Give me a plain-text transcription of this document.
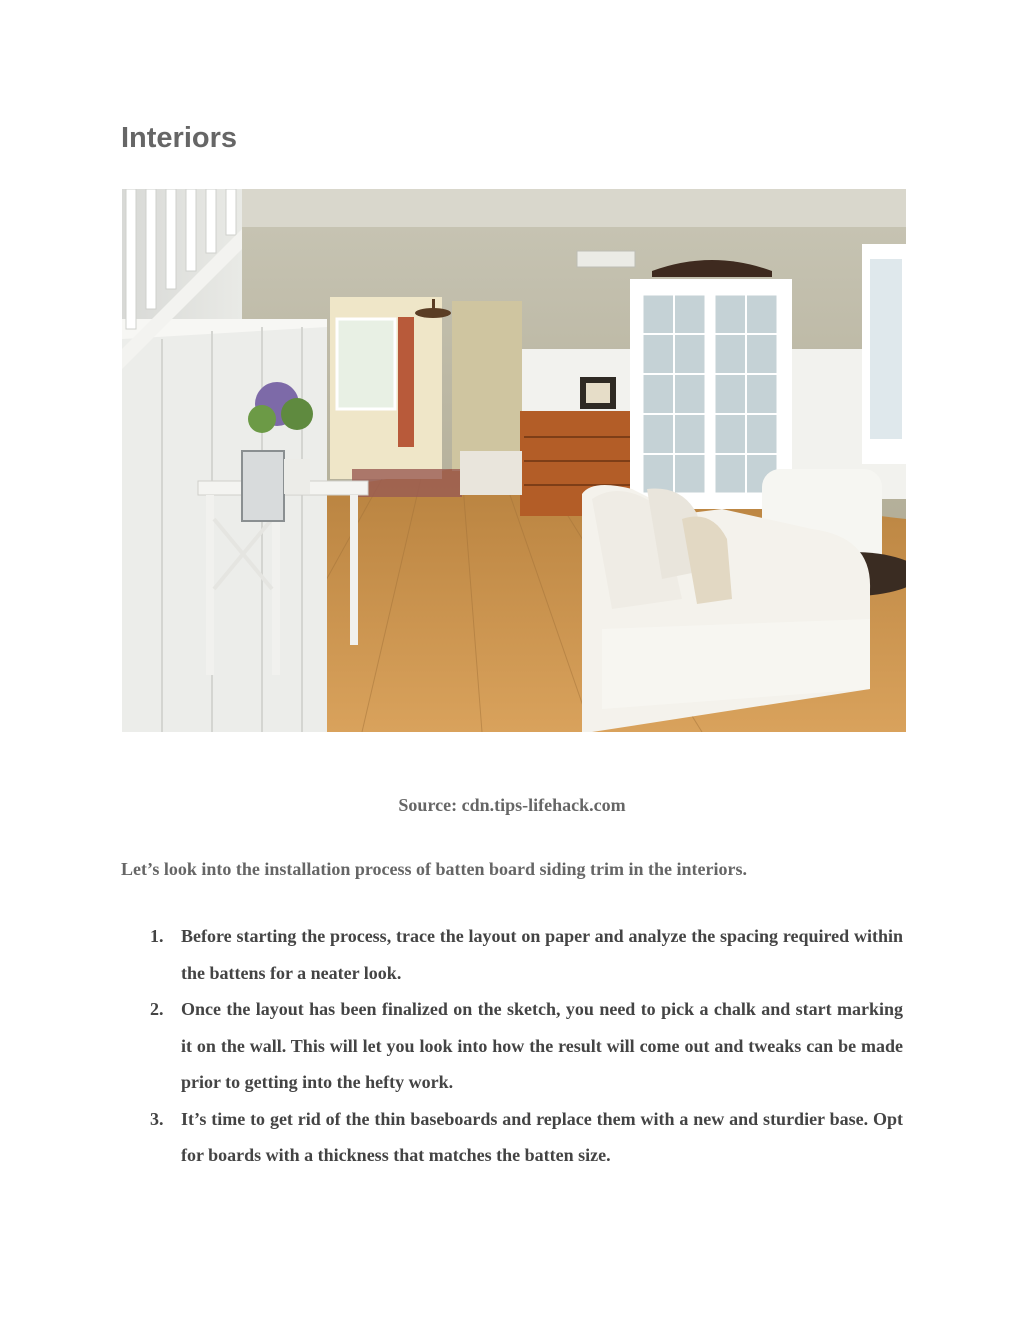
Interiors
Source: cdn.tips-lifehack.com

Let’s look into the installation process of batten board siding trim in the interiors.

1. Before starting the process, trace the layout on paper and analyze the spacing required within the battens for a neater look.
2. Once the layout has been finalized on the sketch, you need to pick a chalk and start marking it on the wall. This will let you look into how the result will come out and tweaks can be made prior to getting into the hefty work.
3. It’s time to get rid of the thin baseboards and replace them with a new and sturdier base. Opt for boards with a thickness that matches the batten size.
